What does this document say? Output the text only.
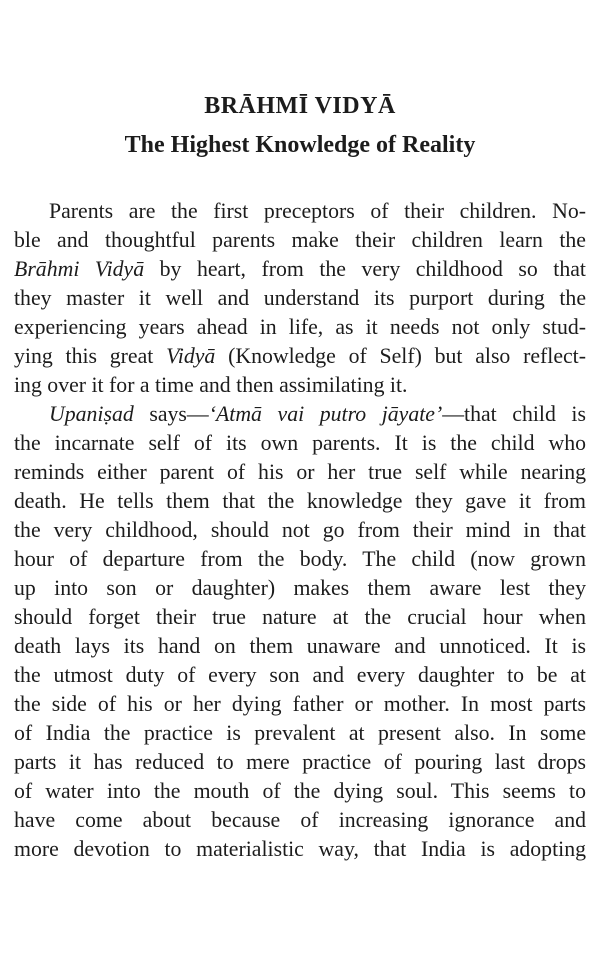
BRĀHMĪ VIDYĀ
The Highest Knowledge of Reality

Parents are the first preceptors of their children. No-

ble and thoughtful parents make their children learn the

Brāhmi Vidyā by heart, from the very childhood so that

they master it well and understand its purport during the

experiencing years ahead in life, as it needs not only stud-

ying this great Vidyā (Knowledge of Self) but also reflect-

ing over it for a time and then assimilating it.

Upaniṣad says—‘Atmā vai putro jāyate’—that child is

the incarnate self of its own parents. It is the child who

reminds either parent of his or her true self while nearing

death. He tells them that the knowledge they gave it from

the very childhood, should not go from their mind in that

hour of departure from the body. The child (now grown

up into son or daughter) makes them aware lest they

should forget their true nature at the crucial hour when

death lays its hand on them unaware and unnoticed. It is

the utmost duty of every son and every daughter to be at

the side of his or her dying father or mother. In most parts

of India the practice is prevalent at present also. In some

parts it has reduced to mere practice of pouring last drops

of water into the mouth of the dying soul. This seems to

have come about because of increasing ignorance and

more devotion to materialistic way, that India is adopting
